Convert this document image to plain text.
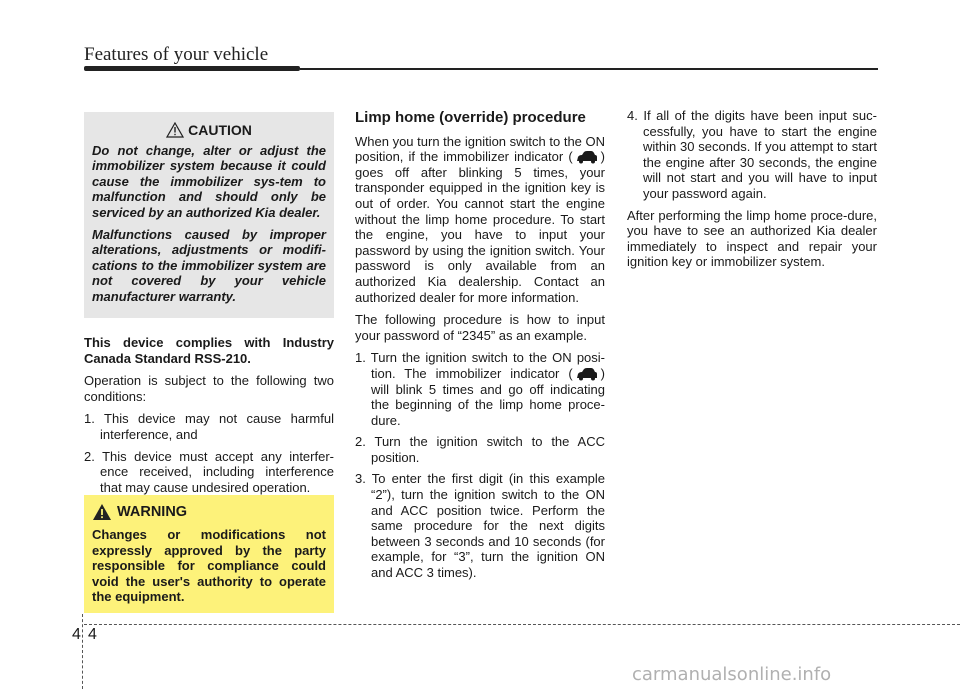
Features of your vehicle
CAUTION

Do not change, alter or adjust the immobilizer system because it could cause the immobilizer sys-tem to malfunction and should only be serviced by an authorized Kia dealer.

Malfunctions caused by improper alterations, adjustments or modifi-cations to the immobilizer system are not covered by your vehicle manufacturer warranty.

This device complies with Industry Canada Standard RSS-210.

Operation is subject to the following two conditions:

1. This device may not cause harmful interference, and
2. This device must accept any interfer-ence received, including interference that may cause undesired operation.
WARNING

Changes or modifications not expressly approved by the party responsible for compliance could void the user's authority to operate the equipment.

Limp home (override) procedure

When you turn the ignition switch to the ON position, if the immobilizer indicator ( ) goes off after blinking 5 times, your transponder equipped in the ignition key is out of order. You cannot start the engine without the limp home procedure. To start the engine, you have to input your password by using the ignition switch. Your password is only available from an authorized Kia dealership. Contact an authorized dealer for more information.

The following procedure is how to input your password of “2345” as an example.

1. Turn the ignition switch to the ON posi-tion. The immobilizer indicator ( ) will blink 5 times and go off indicating the beginning of the limp home proce-dure.
2. Turn the ignition switch to the ACC position.
3. To enter the first digit (in this example “2”), turn the ignition switch to the ON and ACC position twice. Perform the same procedure for the next digits between 3 seconds and 10 seconds (for example, for “3”, turn the ignition ON and ACC 3 times).
4. If all of the digits have been input suc-cessfully, you have to start the engine within 30 seconds. If you attempt to start the engine after 30 seconds, the engine will not start and you will have to input your password again.

After performing the limp home proce-dure, you have to see an authorized Kia dealer immediately to inspect and repair your ignition key or immobilizer system.

4 4
carmanualsonline.info
